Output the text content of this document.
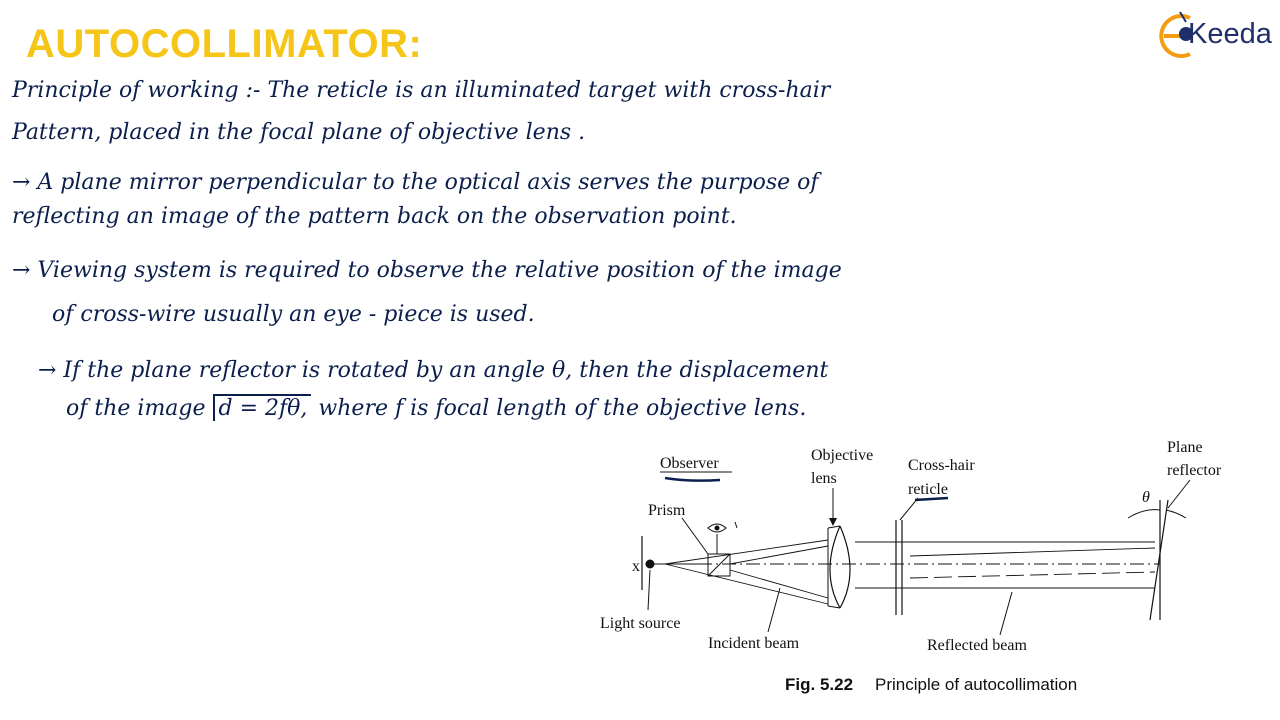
AUTOCOLLIMATOR:	Keeda
Principle of working :- The reticle is an illuminated target with cross-hair
Pattern, placed in the focal plane of objective lens .
→ A plane mirror perpendicular to the optical axis serves the purpose of
reflecting an image of the pattern back on the observation point.
→ Viewing system is required to observe the relative position of the image
of cross-wire usually an eye - piece is used.
→ If the plane reflector is rotated by an angle θ, then the displacement
of the image d = 2fθ, where f is focal length of the objective lens.
Observer	Objective
lens
Cross-hair
reticle
Plane
reflector
Prism
x
Light source
Incident beam	Reflected beam
θ
Fig. 5.22 Principle of autocollimation
